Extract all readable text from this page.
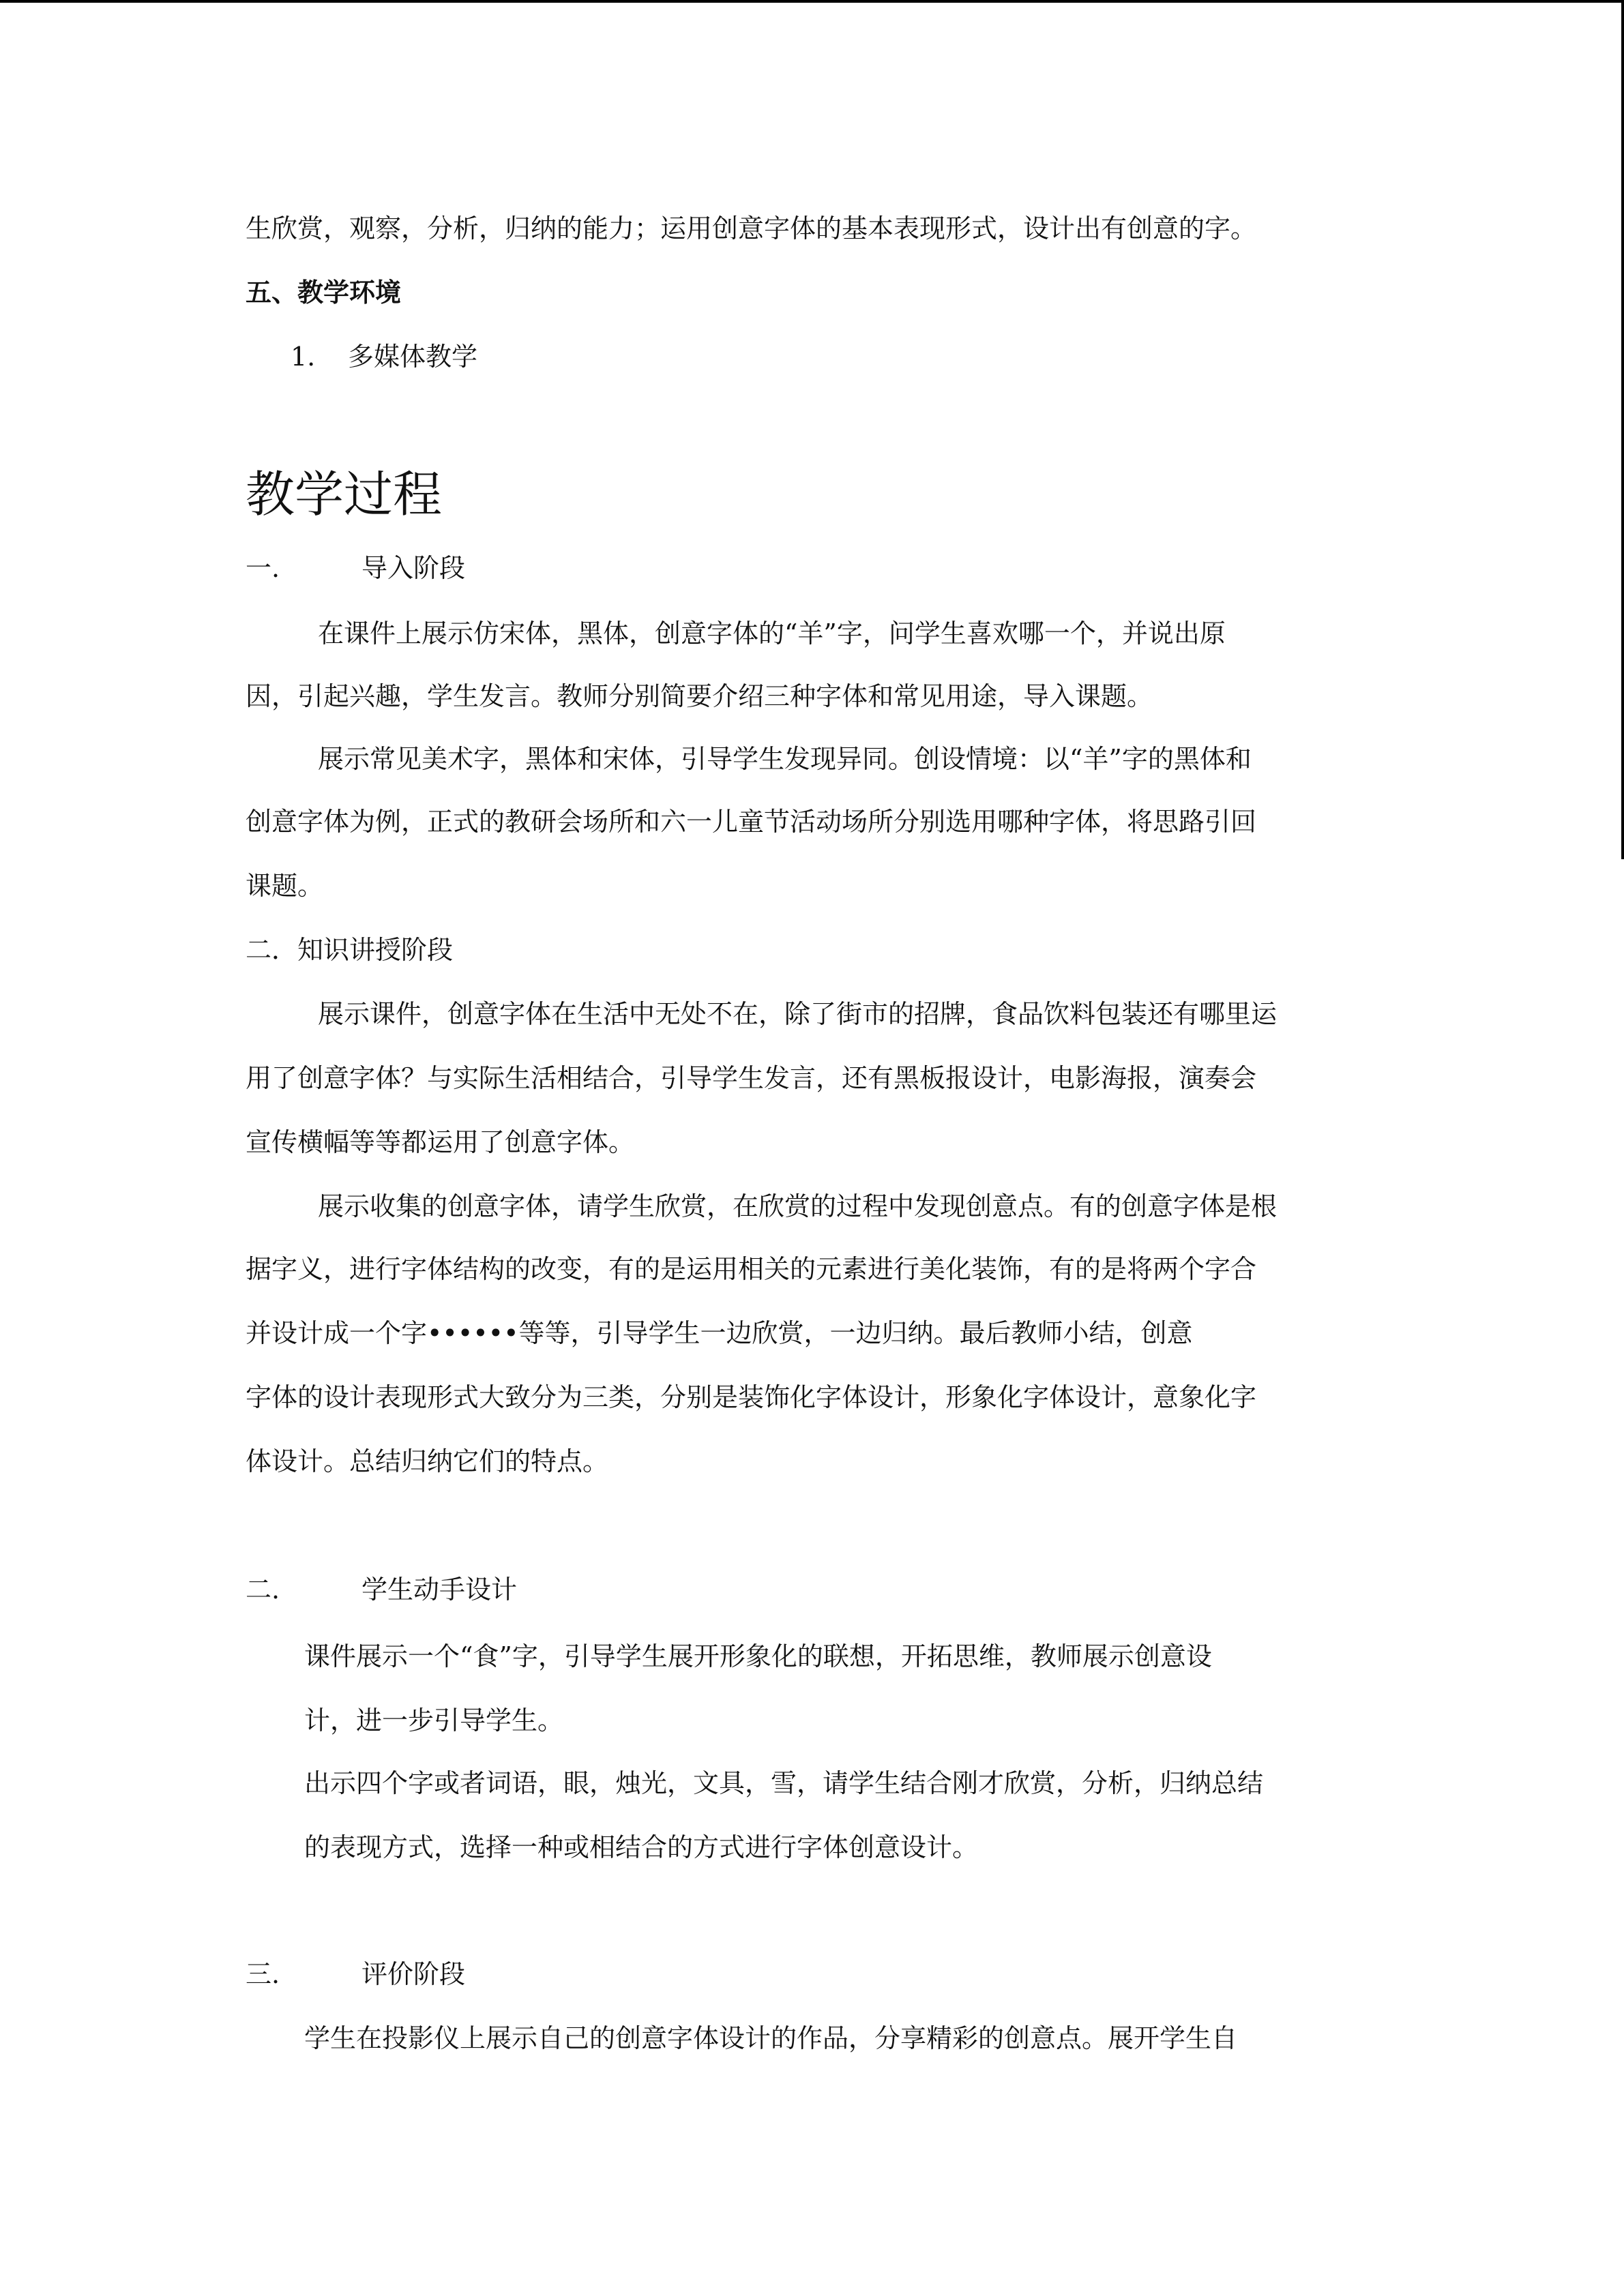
生欣赏，观察，分析，归纳的能力；运用创意字体的基本表现形式，设计出有创意的字。
五、教学环境
1. 多媒体教学
教学过程
一.	导入阶段
在课件上展示仿宋体，黑体，创意字体的“羊”字，问学生喜欢哪一个，并说出原
因，引起兴趣，学生发言。教师分别简要介绍三种字体和常见用途，导入课题。
展示常见美术字，黑体和宋体，引导学生发现异同。创设情境：以“羊”字的黑体和
创意字体为例，正式的教研会场所和六一儿童节活动场所分别选用哪种字体，将思路引回
课题。
二．知识讲授阶段
展示课件，创意字体在生活中无处不在，除了街市的招牌，食品饮料包装还有哪里运
用了创意字体？与实际生活相结合，引导学生发言，还有黑板报设计，电影海报，演奏会
宣传横幅等等都运用了创意字体。
展示收集的创意字体，请学生欣赏，在欣赏的过程中发现创意点。有的创意字体是根
据字义，进行字体结构的改变，有的是运用相关的元素进行美化装饰，有的是将两个字合
并设计成一个字••••••等等，引导学生一边欣赏，一边归纳。最后教师小结，创意
字体的设计表现形式大致分为三类，分别是装饰化字体设计，形象化字体设计，意象化字
体设计。总结归纳它们的特点。
二.	学生动手设计
课件展示一个“食”字，引导学生展开形象化的联想，开拓思维，教师展示创意设
计，进一步引导学生。
出示四个字或者词语，眼，烛光，文具，雪，请学生结合刚才欣赏，分析，归纳总结
的表现方式，选择一种或相结合的方式进行字体创意设计。
三.	评价阶段
学生在投影仪上展示自己的创意字体设计的作品，分享精彩的创意点。展开学生自
